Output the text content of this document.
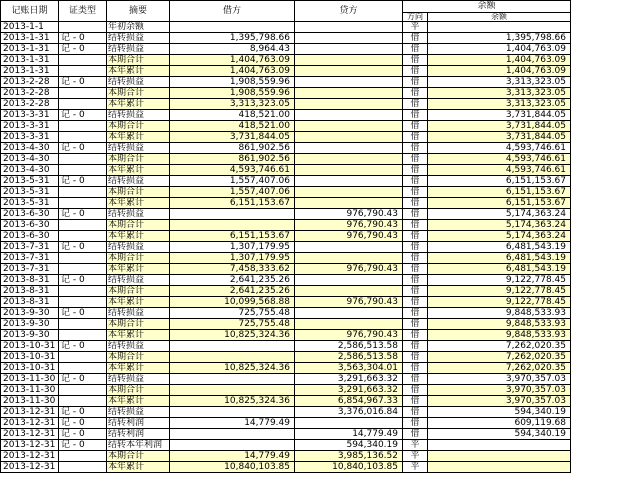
记账日期	证类型	摘要	借方	贷方	余额	
					方向	余额
2013-1-1		年初余额			平	
2013-1-31	记 - 0	结转损益	1,395,798.66		借	1,395,798.66
2013-1-31	记 - 0	结转损益	8,964.43		借	1,404,763.09
2013-1-31		本期合计	1,404,763.09		借	1,404,763.09
2013-1-31		本年累计	1,404,763.09		借	1,404,763.09
2013-2-28	记 - 0	结转损益	1,908,559.96		借	3,313,323.05
2013-2-28		本期合计	1,908,559.96		借	3,313,323.05
2013-2-28		本年累计	3,313,323.05		借	3,313,323.05
2013-3-31	记 - 0	结转损益	418,521.00		借	3,731,844.05
2013-3-31		本期合计	418,521.00		借	3,731,844.05
2013-3-31		本年累计	3,731,844.05		借	3,731,844.05
2013-4-30	记 - 0	结转损益	861,902.56		借	4,593,746.61
2013-4-30		本期合计	861,902.56		借	4,593,746.61
2013-4-30		本年累计	4,593,746.61		借	4,593,746.61
2013-5-31	记 - 0	结转损益	1,557,407.06		借	6,151,153.67
2013-5-31		本期合计	1,557,407.06		借	6,151,153.67
2013-5-31		本年累计	6,151,153.67		借	6,151,153.67
2013-6-30	记 - 0	结转损益		976,790.43	借	5,174,363.24
2013-6-30		本期合计		976,790.43	借	5,174,363.24
2013-6-30		本年累计	6,151,153.67	976,790.43	借	5,174,363.24
2013-7-31	记 - 0	结转损益	1,307,179.95		借	6,481,543.19
2013-7-31		本期合计	1,307,179.95		借	6,481,543.19
2013-7-31		本年累计	7,458,333.62	976,790.43	借	6,481,543.19
2013-8-31	记 - 0	结转损益	2,641,235.26		借	9,122,778.45
2013-8-31		本期合计	2,641,235.26		借	9,122,778.45
2013-8-31		本年累计	10,099,568.88	976,790.43	借	9,122,778.45
2013-9-30	记 - 0	结转损益	725,755.48		借	9,848,533.93
2013-9-30		本期合计	725,755.48		借	9,848,533.93
2013-9-30		本年累计	10,825,324.36	976,790.43	借	9,848,533.93
2013-10-31	记 - 0	结转损益		2,586,513.58	借	7,262,020.35
2013-10-31		本期合计		2,586,513.58	借	7,262,020.35
2013-10-31		本年累计	10,825,324.36	3,563,304.01	借	7,262,020.35
2013-11-30	记 - 0	结转损益		3,291,663.32	借	3,970,357.03
2013-11-30		本期合计		3,291,663.32	借	3,970,357.03
2013-11-30		本年累计	10,825,324.36	6,854,967.33	借	3,970,357.03
2013-12-31	记 - 0	结转损益		3,376,016.84	借	594,340.19
2013-12-31	记 - 0	结转利润	14,779.49		借	609,119.68
2013-12-31	记 - 0	结转利润		14,779.49	借	594,340.19
2013-12-31	记 - 0	结转本年利润		594,340.19	平	
2013-12-31		本期合计	14,779.49	3,985,136.52	平	
2013-12-31		本年累计	10,840,103.85	10,840,103.85	平	
